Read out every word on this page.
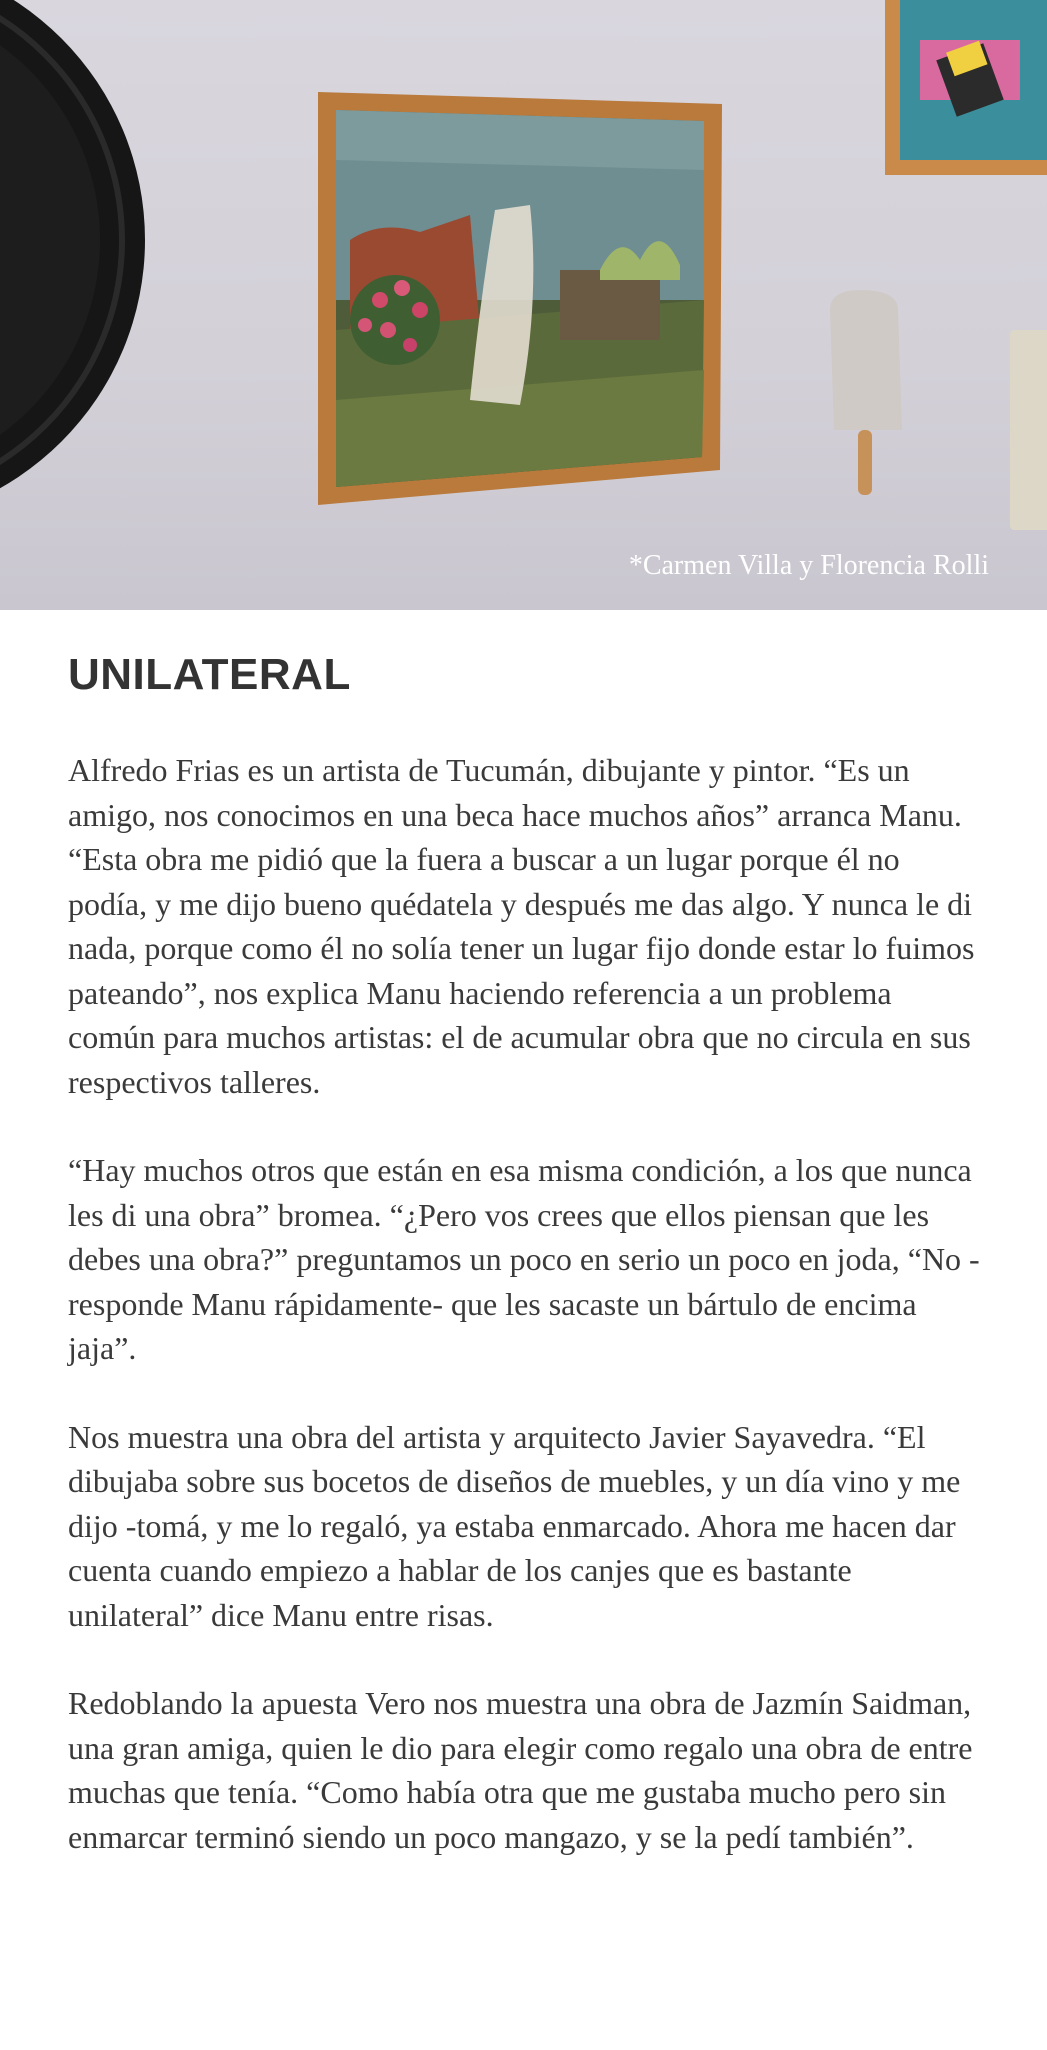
*Carmen Villa y Florencia Rolli
UNILATERAL

Alfredo Frias es un artista de Tucumán, dibujante y pintor. “Es un amigo, nos conocimos en una beca hace muchos años” arranca Manu. “Esta obra me pidió que la fuera a buscar a un lugar porque él no podía, y me dijo bueno quédatela y después me das algo. Y nunca le di nada, porque como él no solía tener un lugar fijo donde estar lo fuimos pateando”, nos explica Manu haciendo referencia a un problema común para muchos artistas: el de acumular obra que no circula en sus respectivos talleres.

“Hay muchos otros que están en esa misma condición, a los que nunca les di una obra” bromea. “¿Pero vos crees que ellos piensan que les debes una obra?” preguntamos un poco en serio un poco en joda, “No -responde Manu rápidamente- que les sacaste un bártulo de encima jaja”.

Nos muestra una obra del artista y arquitecto Javier Sayavedra. “El dibujaba sobre sus bocetos de diseños de muebles, y un día vino y me dijo -tomá, y me lo regaló, ya estaba enmarcado. Ahora me hacen dar cuenta cuando empiezo a hablar de los canjes que es bastante unilateral” dice Manu entre risas.

Redoblando la apuesta Vero nos muestra una obra de Jazmín Saidman, una gran amiga, quien le dio para elegir como regalo una obra de entre muchas que tenía. “Como había otra que me gustaba mucho pero sin enmarcar terminó siendo un poco mangazo, y se la pedí también”.
